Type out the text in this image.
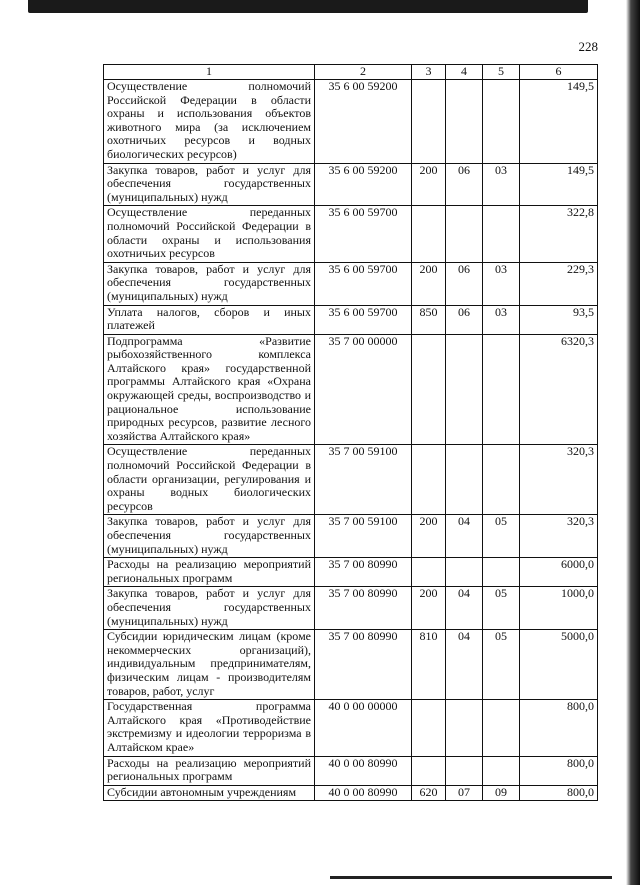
228
1	2	3	4	5	6
Осуществление полномочий Российской Федерации в области охраны и использования объектов животного мира (за исключением охотничьих ресурсов и водных биологических ресурсов)	35 6 00 59200				149,5
Закупка товаров, работ и услуг для обеспечения государственных (муниципальных) нужд	35 6 00 59200	200	06	03	149,5
Осуществление переданных полномочий Российской Федерации в области охраны и использования охотничьих ресурсов	35 6 00 59700				322,8
Закупка товаров, работ и услуг для обеспечения государственных (муниципальных) нужд	35 6 00 59700	200	06	03	229,3
Уплата налогов, сборов и иных платежей	35 6 00 59700	850	06	03	93,5
Подпрограмма «Развитие рыбохозяйственного комплекса Алтайского края» государственной программы Алтайского края «Охрана окружающей среды, воспроизводство и рациональное использование природных ресурсов, развитие лесного хозяйства Алтайского края»	35 7 00 00000				6320,3
Осуществление переданных полномочий Российской Федерации в области организации, регулирования и охраны водных биологических ресурсов	35 7 00 59100				320,3
Закупка товаров, работ и услуг для обеспечения государственных (муниципальных) нужд	35 7 00 59100	200	04	05	320,3
Расходы на реализацию мероприятий региональных программ	35 7 00 80990				6000,0
Закупка товаров, работ и услуг для обеспечения государственных (муниципальных) нужд	35 7 00 80990	200	04	05	1000,0
Субсидии юридическим лицам (кроме некоммерческих организаций), индивидуальным предпринимателям, физическим лицам - производителям товаров, работ, услуг	35 7 00 80990	810	04	05	5000,0
Государственная программа Алтайского края «Противодействие экстремизму и идеологии терроризма в Алтайском крае»	40 0 00 00000				800,0
Расходы на реализацию мероприятий региональных программ	40 0 00 80990				800,0
Субсидии автономным учреждениям	40 0 00 80990	620	07	09	800,0
